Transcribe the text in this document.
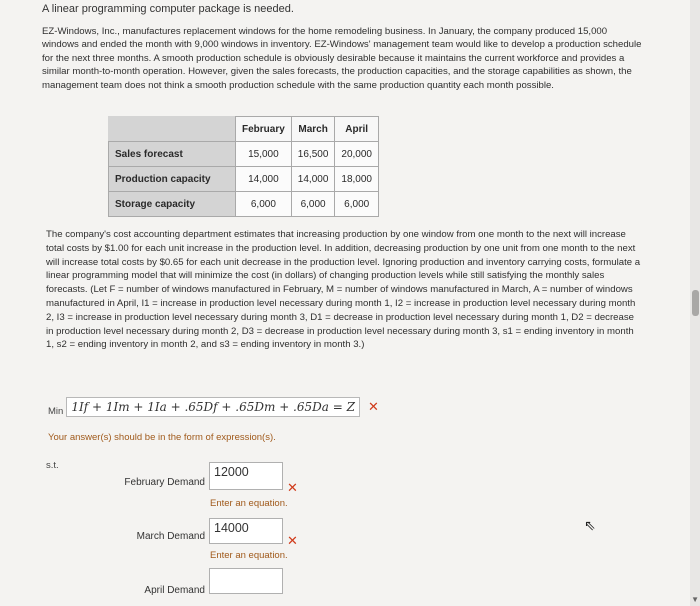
A linear programming computer package is needed.
EZ-Windows, Inc., manufactures replacement windows for the home remodeling business. In January, the company produced 15,000 windows and ended the month with 9,000 windows in inventory. EZ-Windows' management team would like to develop a production schedule for the next three months. A smooth production schedule is obviously desirable because it maintains the current workforce and provides a similar month-to-month operation. However, given the sales forecasts, the production capacities, and the storage capabilities as shown, the management team does not think a smooth production schedule with the same production quantity each month possible.
	February	March	April
Sales forecast	15,000	16,500	20,000
Production capacity	14,000	14,000	18,000
Storage capacity	6,000	6,000	6,000
The company's cost accounting department estimates that increasing production by one window from one month to the next will increase total costs by $1.00 for each unit increase in the production level. In addition, decreasing production by one unit from one month to the next will increase total costs by $0.65 for each unit decrease in the production level. Ignoring production and inventory carrying costs, formulate a linear programming model that will minimize the cost (in dollars) of changing production levels while still satisfying the monthly sales forecasts. (Let F = number of windows manufactured in February, M = number of windows manufactured in March, A = number of windows manufactured in April, I1 = increase in production level necessary during month 1, I2 = increase in production level necessary during month 2, I3 = increase in production level necessary during month 3, D1 = decrease in production level necessary during month 1, D2 = decrease in production level necessary during month 2, D3 = decrease in production level necessary during month 3, s1 = ending inventory in month 1, s2 = ending inventory in month 2, and s3 = ending inventory in month 3.)
Min 1If + 1Im + 1Ia + .65Df + .65Dm + .65Da = Z	✕
Your answer(s) should be in the form of expression(s).
s.t.
February Demand
12000
✕
Enter an equation.
March Demand
14000
✕
Enter an equation.
April Demand
▼
⇖
